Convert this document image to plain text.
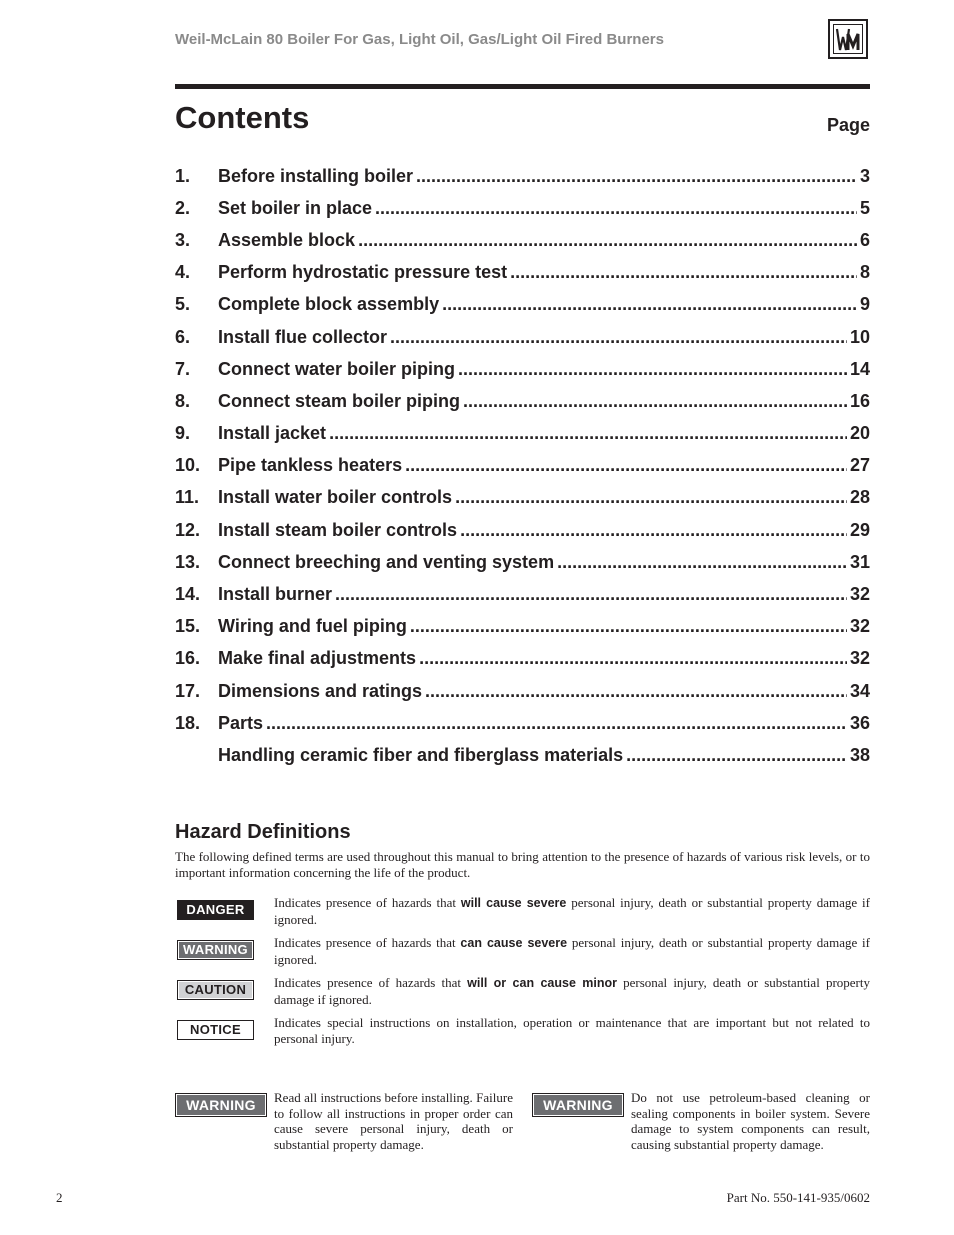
Weil-McLain 80 Boiler For Gas, Light Oil, Gas/Light Oil Fired Burners
Contents	Page
1.	Before installing boiler .....	3
2.	Set boiler in place .....	5
3.	Assemble block .....	6
4.	Perform hydrostatic pressure test .....	8
5.	Complete block assembly .....	9
6.	Install flue collector .....	10
7.	Connect water boiler piping .....	14
8.	Connect steam boiler piping .....	16
9.	Install jacket .....	20
10. Pipe tankless heaters .....	27
11.	Install water boiler controls .....	28
12. Install steam boiler controls .....	29
13. Connect breeching and venting system .....	31
14. Install burner .....	32
15. Wiring and fuel piping .....	32
16. Make final adjustments .....	32
17. Dimensions and ratings .....	34
18. Parts .....	36
Handling ceramic fiber and fiberglass materials .....	38
Hazard Definitions
The following defined terms are used throughout this manual to bring attention to the presence of hazards of various risk levels, or to important information concerning the life of the product.
DANGER	Indicates presence of hazards that will cause severe personal injury, death or substantial property damage if ignored.
WARNING	Indicates presence of hazards that can cause severe personal injury, death or substantial property damage if ignored.
CAUTION	Indicates presence of hazards that will or can cause minor personal injury, death or substantial property damage if ignored.
NOTICE	Indicates special instructions on installation, operation or maintenance that are important but not related to personal injury.
WARNING	Read all instructions before installing. Failure to follow all instructions in proper order can cause severe personal injury, death or substantial property damage.
WARNING	Do not use petroleum-based cleaning or sealing components in boiler system. Severe damage to system components can result, causing substantial property damage.
2	Part No. 550-141-935/0602
